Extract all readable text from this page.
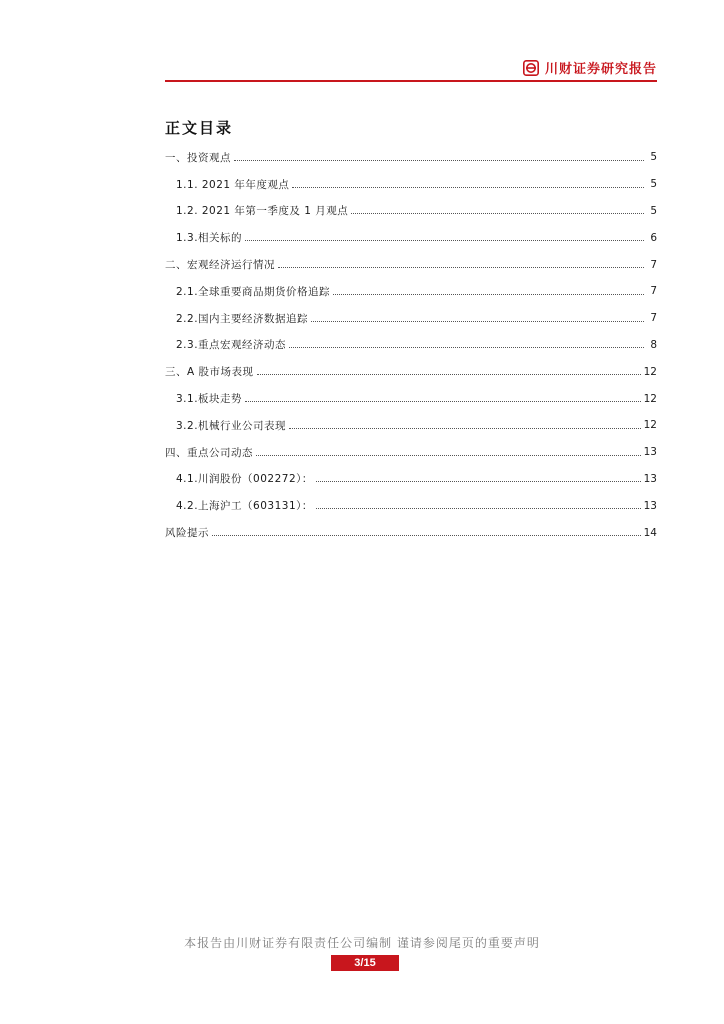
川财证券研究报告
正文目录
一、投资观点	5
1.1. 2021 年年度观点	5
1.2. 2021 年第一季度及 1 月观点	5
1.3.相关标的	6
二、宏观经济运行情况	7
2.1.全球重要商品期货价格追踪	7
2.2.国内主要经济数据追踪	7
2.3.重点宏观经济动态	8
三、A 股市场表现	12
3.1.板块走势	12
3.2.机械行业公司表现	12
四、重点公司动态	13
4.1.川润股份（002272）：	13
4.2.上海沪工（603131）：	13
风险提示	14
本报告由川财证券有限责任公司编制 谨请参阅尾页的重要声明
3/15
